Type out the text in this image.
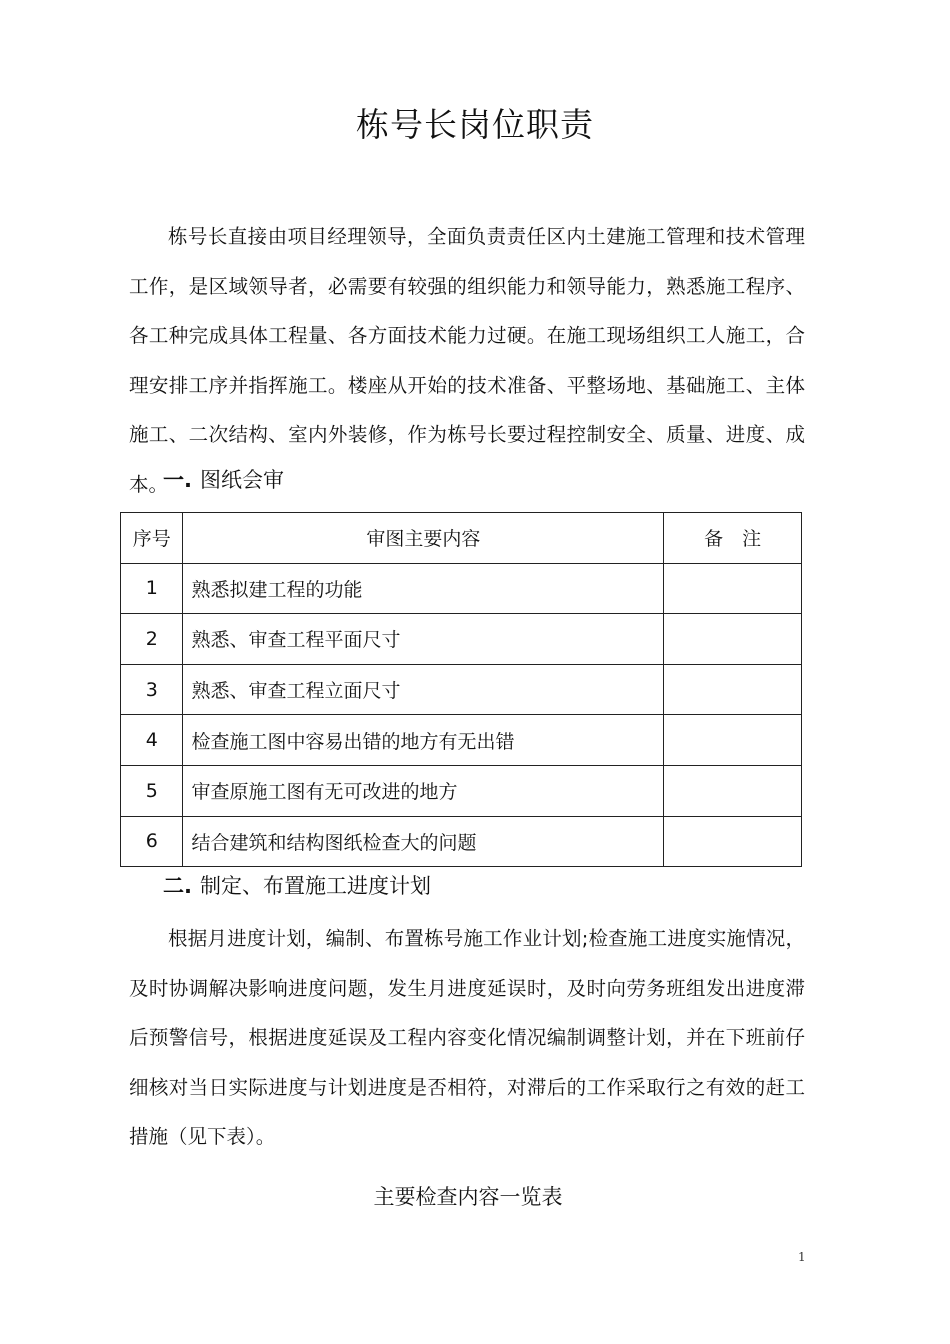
栋号长岗位职责

栋号长直接由项目经理领导，全面负责责任区内土建施工管理和技术管理工作，是区域领导者，必需要有较强的组织能力和领导能力，熟悉施工程序、各工种完成具体工程量、各方面技术能力过硬。在施工现场组织工人施工，合理安排工序并指挥施工。楼座从开始的技术准备、平整场地、基础施工、主体施工、二次结构、室内外装修，作为栋号长要过程控制安全、质量、进度、成本。

一. 图纸会审
序号	审图主要内容	备　注
1	熟悉拟建工程的功能	
2	熟悉、审查工程平面尺寸	
3	熟悉、审查工程立面尺寸	
4	检查施工图中容易出错的地方有无出错	
5	审查原施工图有无可改进的地方	
6	结合建筑和结构图纸检查大的问题	
二. 制定、布置施工进度计划

根据月进度计划，编制、布置栋号施工作业计划;检查施工进度实施情况，及时协调解决影响进度问题，发生月进度延误时，及时向劳务班组发出进度滞后预警信号，根据进度延误及工程内容变化情况编制调整计划，并在下班前仔细核对当日实际进度与计划进度是否相符，对滞后的工作采取行之有效的赶工措施（见下表）。

主要检查内容一览表
1
